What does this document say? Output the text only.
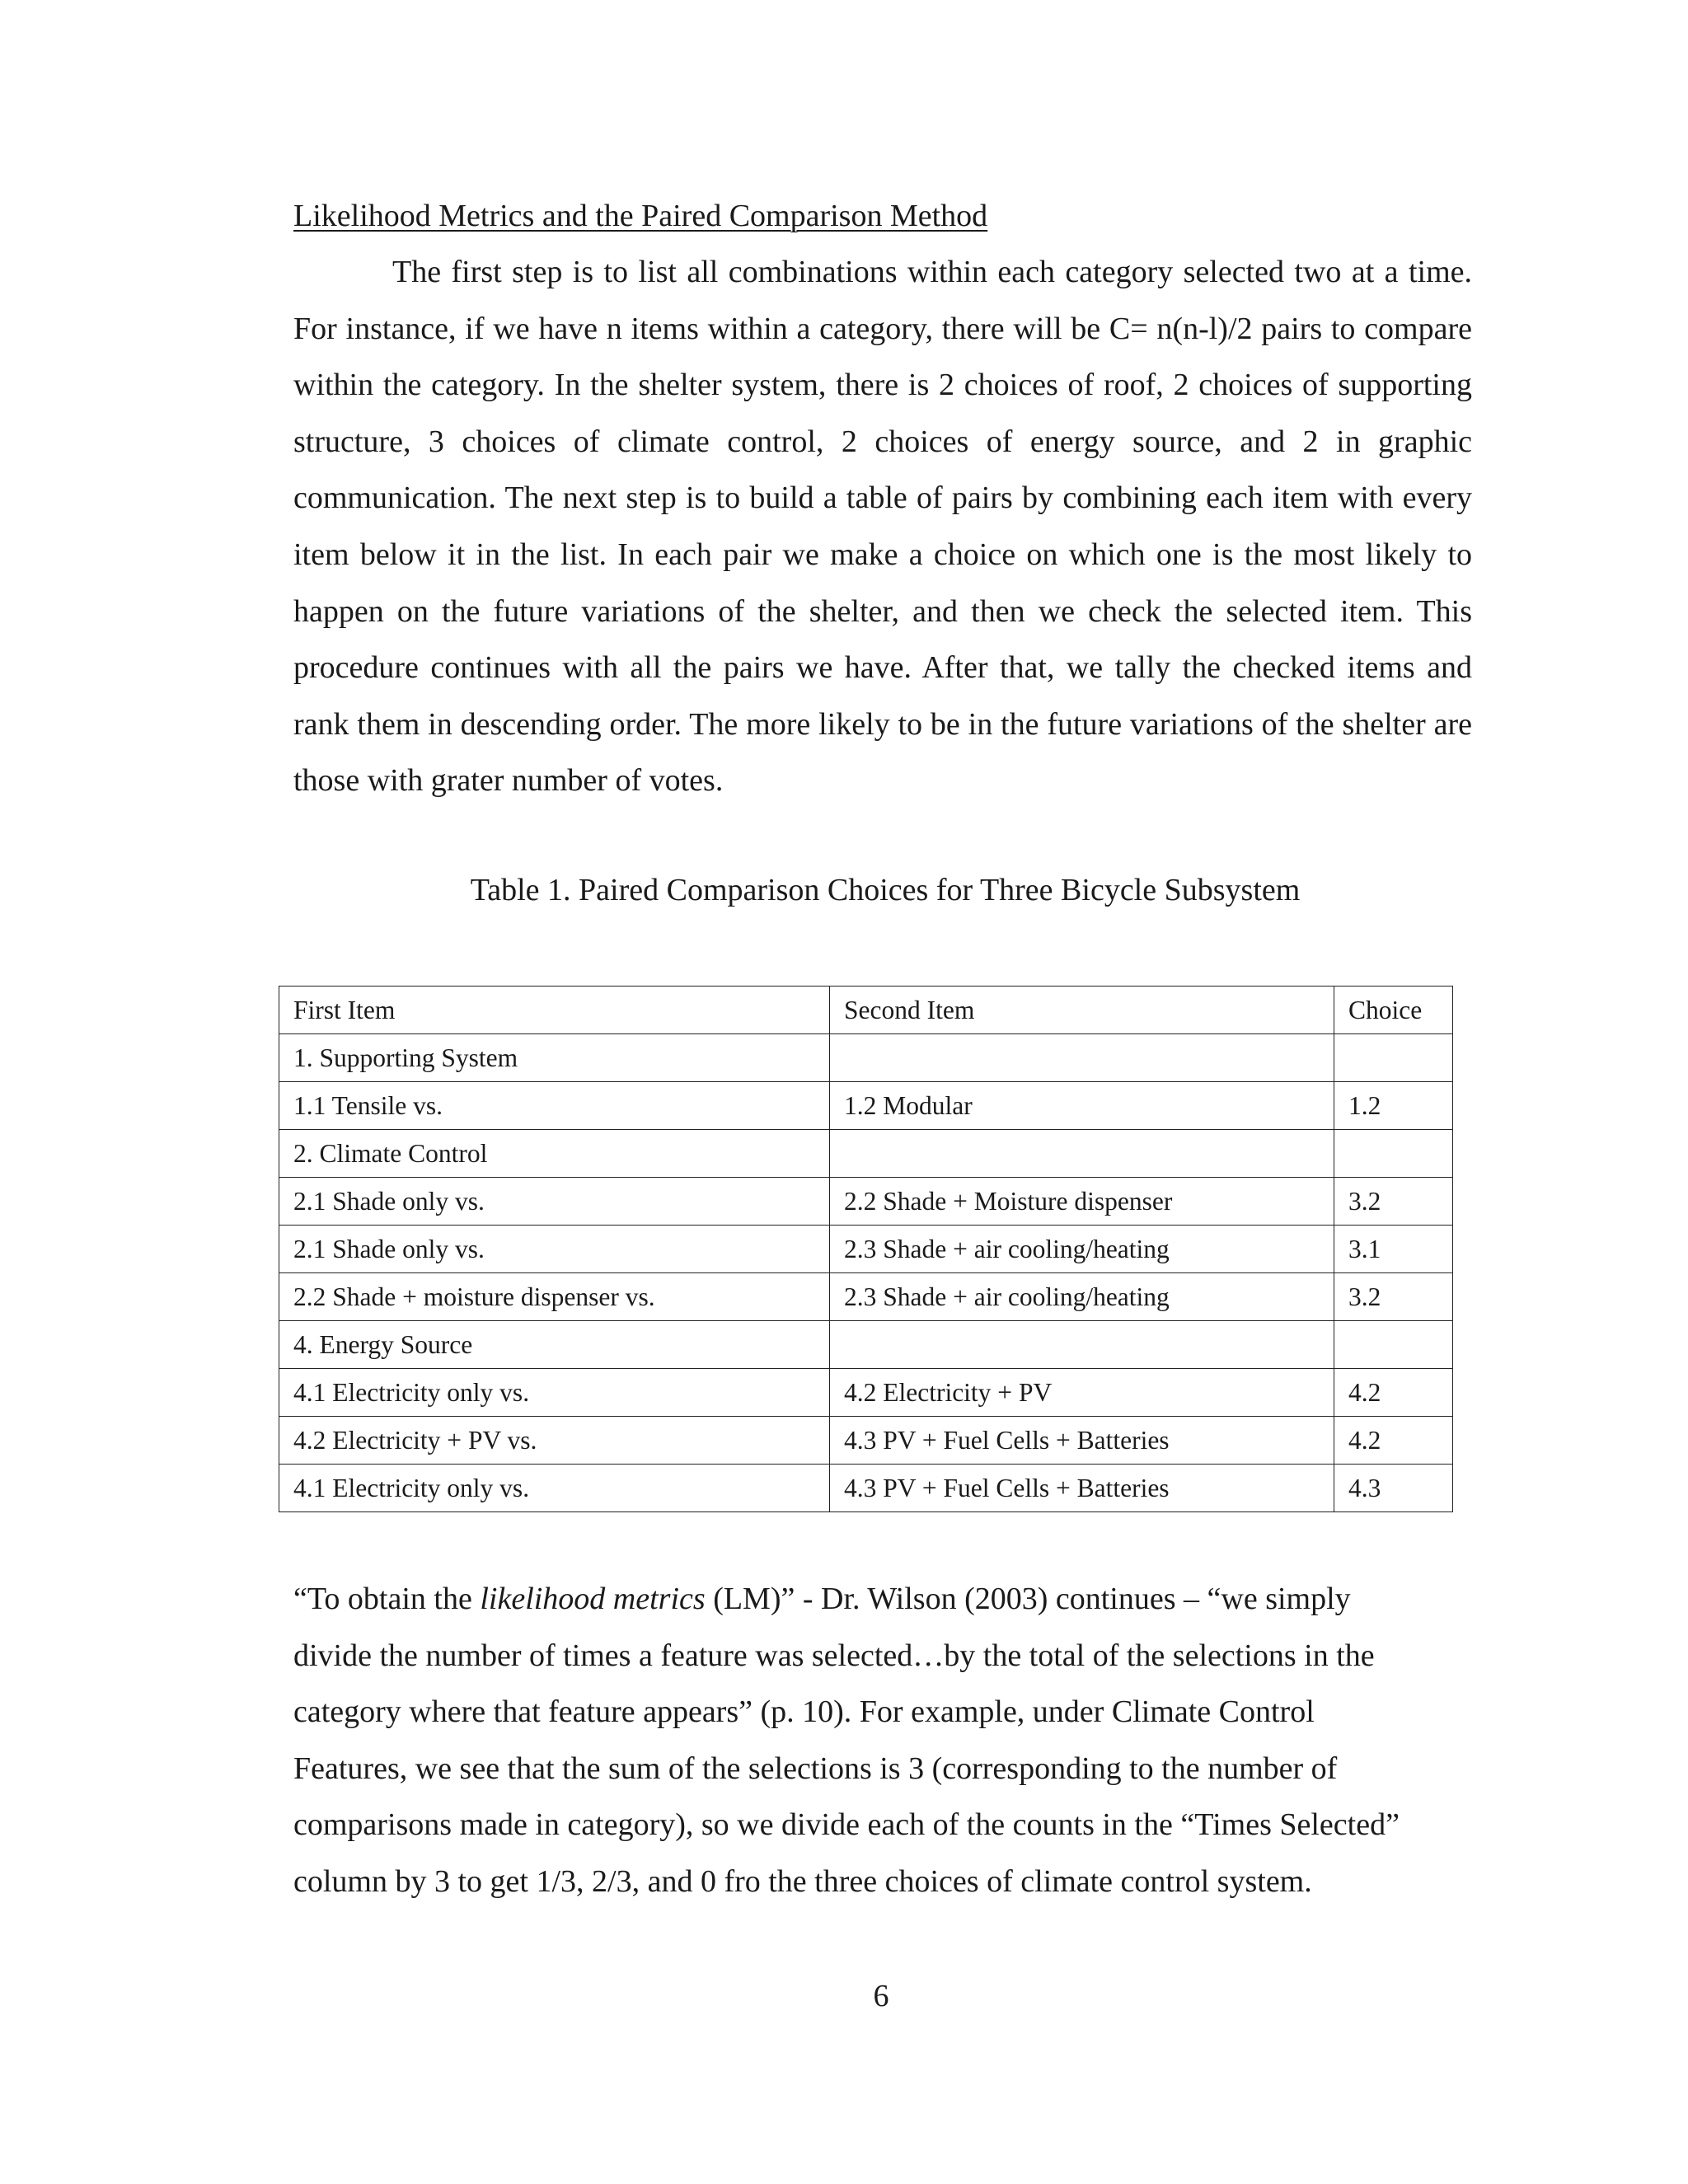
Likelihood Metrics and the Paired Comparison Method

The first step is to list all combinations within each category selected two at a time. For instance, if we have n items within a category, there will be C= n(n-l)/2 pairs to compare within the category. In the shelter system, there is 2 choices of roof, 2 choices of supporting structure, 3 choices of climate control, 2 choices of energy source, and 2 in graphic communication. The next step is to build a table of pairs by combining each item with every item below it in the list. In each pair we make a choice on which one is the most likely to happen on the future variations of the shelter, and then we check the selected item. This procedure continues with all the pairs we have. After that, we tally the checked items and rank them in descending order. The more likely to be in the future variations of the shelter are those with grater number of votes.

Table 1. Paired Comparison Choices for Three Bicycle Subsystem
First Item	Second Item	Choice
1. Supporting System		
1.1 Tensile vs.	1.2 Modular	1.2
2. Climate Control		
2.1 Shade only vs.	2.2 Shade + Moisture dispenser	3.2
2.1 Shade only vs.	2.3 Shade + air cooling/heating	3.1
2.2 Shade + moisture dispenser vs.	2.3 Shade + air cooling/heating	3.2
4. Energy Source		
4.1 Electricity only vs.	4.2 Electricity + PV	4.2
4.2 Electricity + PV vs.	4.3 PV + Fuel Cells + Batteries	4.2
4.1 Electricity only vs.	4.3 PV + Fuel Cells + Batteries	4.3
“To obtain the likelihood metrics (LM)” - Dr. Wilson (2003) continues – “we simply
divide the number of times a feature was selected…by the total of the selections in the
category where that feature appears” (p. 10). For example, under Climate Control
Features, we see that the sum of the selections is 3 (corresponding to the number of
comparisons made in category), so we divide each of the counts in the “Times Selected”
column by 3 to get 1/3, 2/3, and 0 fro the three choices of climate control system.
6
